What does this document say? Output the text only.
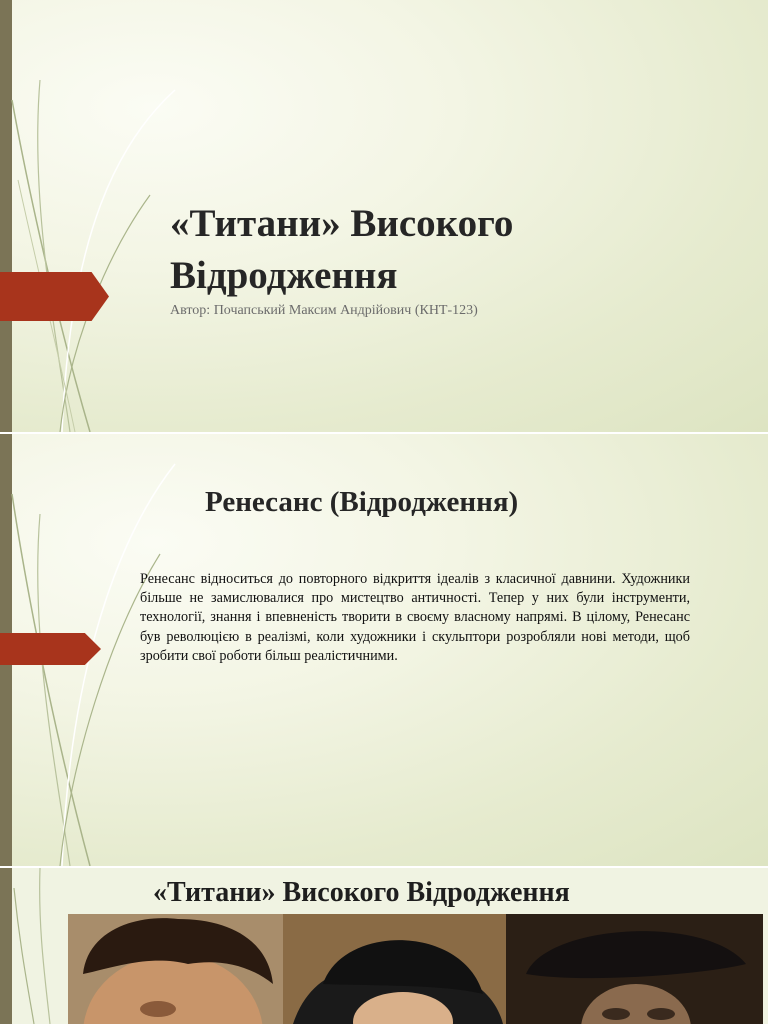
«Титани» Високого Відродження
Автор: Почапський Максим Андрійович (КНТ-123)
Ренесанс (Відродження)

Ренесанс відноситься до повторного відкриття ідеалів з класичної давнини. Художники більше не замислювалися про мистецтво античності. Тепер у них були інструменти, технології, знання і впевненість творити в своєму власному напрямі. В цілому, Ренесанс був революцією в реалізмі, коли художники і скульптори розробляли нові методи, щоб зробити свої роботи більш реалістичними.

«Титани» Високого Відродження
